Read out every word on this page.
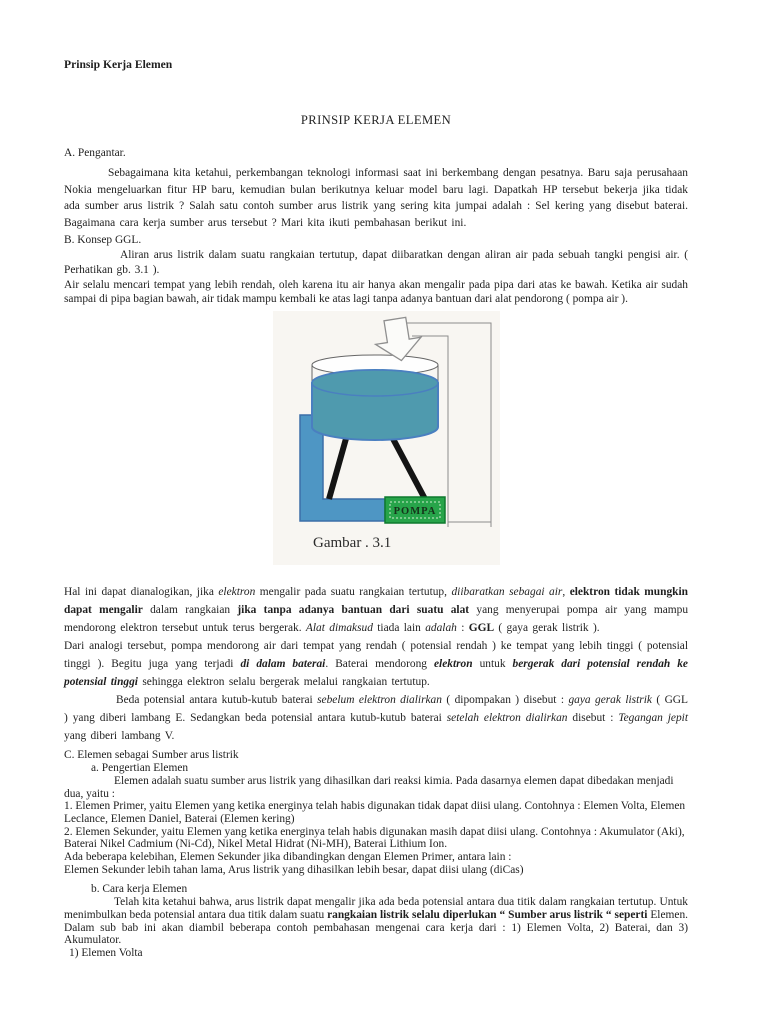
Prinsip Kerja Elemen
PRINSIP KERJA ELEMEN
A. Pengantar.

Sebagaimana kita ketahui, perkembangan teknologi informasi saat ini berkembang dengan pesatnya. Baru saja perusahaan Nokia mengeluarkan fitur HP baru, kemudian bulan berikutnya keluar model baru lagi. Dapatkah HP tersebut bekerja jika tidak ada sumber arus listrik ? Salah satu contoh sumber arus listrik yang sering kita jumpai adalah : Sel kering yang disebut baterai. Bagaimana cara kerja sumber arus tersebut ? Mari kita ikuti pembahasan berikut ini.

B. Konsep GGL.

Aliran arus listrik dalam suatu rangkaian tertutup, dapat diibaratkan dengan aliran air pada sebuah tangki pengisi air. ( Perhatikan gb. 3.1 ).

Air selalu mencari tempat yang lebih rendah, oleh karena itu air hanya akan mengalir pada pipa dari atas ke bawah. Ketika air sudah sampai di pipa bagian bawah, air tidak mampu kembali ke atas lagi tanpa adanya bantuan dari alat pendorong ( pompa air ).

POMPA
Gambar . 3.1

Hal ini dapat dianalogikan, jika elektron mengalir pada suatu rangkaian tertutup, diibaratkan sebagai air, elektron tidak mungkin dapat mengalir dalam rangkaian jika tanpa adanya bantuan dari suatu alat yang menyerupai pompa air yang mampu mendorong elektron tersebut untuk terus bergerak. Alat dimaksud tiada lain adalah : GGL ( gaya gerak listrik ).

Dari analogi tersebut, pompa mendorong air dari tempat yang rendah ( potensial rendah ) ke tempat yang lebih tinggi ( potensial tinggi ). Begitu juga yang terjadi di dalam baterai. Baterai mendorong elektron untuk bergerak dari potensial rendah ke potensial tinggi sehingga elektron selalu bergerak melalui rangkaian tertutup.

Beda potensial antara kutub-kutub baterai sebelum elektron dialirkan ( dipompakan ) disebut : gaya gerak listrik ( GGL ) yang diberi lambang E. Sedangkan beda potensial antara kutub-kutub baterai setelah elektron dialirkan disebut : Tegangan jepit yang diberi lambang V.

C. Elemen sebagai Sumber arus listrik
a. Pengertian Elemen

Elemen adalah suatu sumber arus listrik yang dihasilkan dari reaksi kimia. Pada dasarnya elemen dapat dibedakan menjadi dua, yaitu :

1. Elemen Primer, yaitu Elemen yang ketika energinya telah habis digunakan tidak dapat diisi ulang. Contohnya : Elemen Volta, Elemen Leclance, Elemen Daniel, Baterai (Elemen kering)

2. Elemen Sekunder, yaitu Elemen yang ketika energinya telah habis digunakan masih dapat diisi ulang. Contohnya : Akumulator (Aki), Baterai Nikel Cadmium (Ni-Cd), Nikel Metal Hidrat (Ni-MH), Baterai Lithium Ion.

Ada beberapa kelebihan, Elemen Sekunder jika dibandingkan dengan Elemen Primer, antara lain :

Elemen Sekunder lebih tahan lama, Arus listrik yang dihasilkan lebih besar, dapat diisi ulang (diCas)

b. Cara kerja Elemen

Telah kita ketahui bahwa, arus listrik dapat mengalir jika ada beda potensial antara dua titik dalam rangkaian tertutup. Untuk menimbulkan beda potensial antara dua titik dalam suatu rangkaian listrik selalu diperlukan “ Sumber arus listrik “ seperti Elemen. Dalam sub bab ini akan diambil beberapa contoh pembahasan mengenai cara kerja dari : 1) Elemen Volta, 2) Baterai, dan 3) Akumulator.

1) Elemen Volta
